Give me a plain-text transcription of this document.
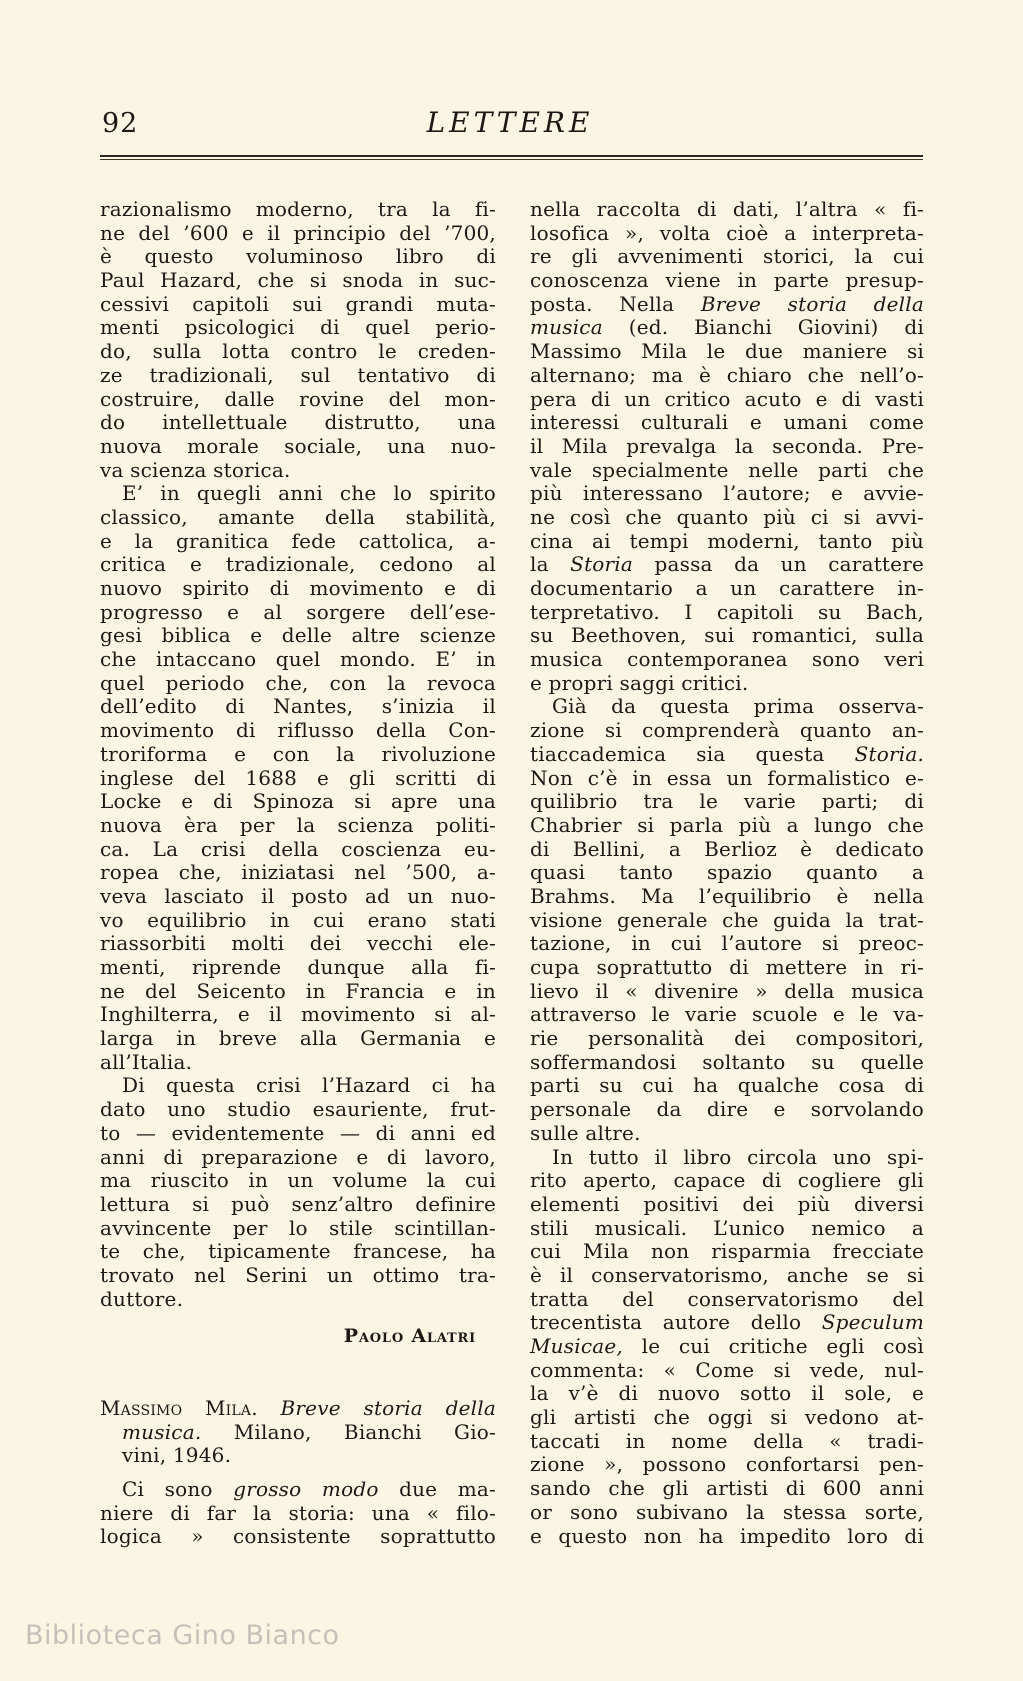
92	LETTERE
razionalismo moderno, tra la fi-
ne del ’600 e il principio del ’700,
è questo voluminoso libro di
Paul Hazard, che si snoda in suc-
cessivi capitoli sui grandi muta-
menti psicologici di quel perio-
do, sulla lotta contro le creden-
ze tradizionali, sul tentativo di
costruire, dalle rovine del mon-
do intellettuale distrutto, una
nuova morale sociale, una nuo-
va scienza storica.
E’ in quegli anni che lo spirito
classico, amante della stabilità,
e la granitica fede cattolica, a-
critica e tradizionale, cedono al
nuovo spirito di movimento e di
progresso e al sorgere dell’ese-
gesi biblica e delle altre scienze
che intaccano quel mondo. E’ in
quel periodo che, con la revoca
dell’edito di Nantes, s’inizia il
movimento di riflusso della Con-
troriforma e con la rivoluzione
inglese del 1688 e gli scritti di
Locke e di Spinoza si apre una
nuova èra per la scienza politi-
ca. La crisi della coscienza eu-
ropea che, iniziatasi nel ’500, a-
veva lasciato il posto ad un nuo-
vo equilibrio in cui erano stati
riassorbiti molti dei vecchi ele-
menti, riprende dunque alla fi-
ne del Seicento in Francia e in
Inghilterra, e il movimento si al-
larga in breve alla Germania e
all’Italia.
Di questa crisi l’Hazard ci ha
dato uno studio esauriente, frut-
to — evidentemente — di anni ed
anni di preparazione e di lavoro,
ma riuscito in un volume la cui
lettura si può senz’altro definire
avvincente per lo stile scintillan-
te che, tipicamente francese, ha
trovato nel Serini un ottimo tra-
duttore.
Paolo Alatri
Massimo Mila. Breve storia della
musica. Milano, Bianchi Gio-
vini, 1946.
Ci sono grosso modo due ma-
niere di far la storia: una « filo-
logica » consistente soprattutto
nella raccolta di dati, l’altra « fi-
losofica », volta cioè a interpreta-
re gli avvenimenti storici, la cui
conoscenza viene in parte presup-
posta. Nella Breve storia della
musica (ed. Bianchi Giovini) di
Massimo Mila le due maniere si
alternano; ma è chiaro che nell’o-
pera di un critico acuto e di vasti
interessi culturali e umani come
il Mila prevalga la seconda. Pre-
vale specialmente nelle parti che
più interessano l’autore; e avvie-
ne così che quanto più ci si avvi-
cina ai tempi moderni, tanto più
la Storia passa da un carattere
documentario a un carattere in-
terpretativo. I capitoli su Bach,
su Beethoven, sui romantici, sulla
musica contemporanea sono veri
e propri saggi critici.
Già da questa prima osserva-
zione si comprenderà quanto an-
tiaccademica sia questa Storia.
Non c’è in essa un formalistico e-
quilibrio tra le varie parti; di
Chabrier si parla più a lungo che
di Bellini, a Berlioz è dedicato
quasi tanto spazio quanto a
Brahms. Ma l’equilibrio è nella
visione generale che guida la trat-
tazione, in cui l’autore si preoc-
cupa soprattutto di mettere in ri-
lievo il « divenire » della musica
attraverso le varie scuole e le va-
rie personalità dei compositori,
soffermandosi soltanto su quelle
parti su cui ha qualche cosa di
personale da dire e sorvolando
sulle altre.
In tutto il libro circola uno spi-
rito aperto, capace di cogliere gli
elementi positivi dei più diversi
stili musicali. L’unico nemico a
cui Mila non risparmia frecciate
è il conservatorismo, anche se si
tratta del conservatorismo del
trecentista autore dello Speculum
Musicae, le cui critiche egli così
commenta: « Come si vede, nul-
la v’è di nuovo sotto il sole, e
gli artisti che oggi si vedono at-
taccati in nome della « tradi-
zione », possono confortarsi pen-
sando che gli artisti di 600 anni
or sono subivano la stessa sorte,
e questo non ha impedito loro di
Biblioteca Gino Bianco
